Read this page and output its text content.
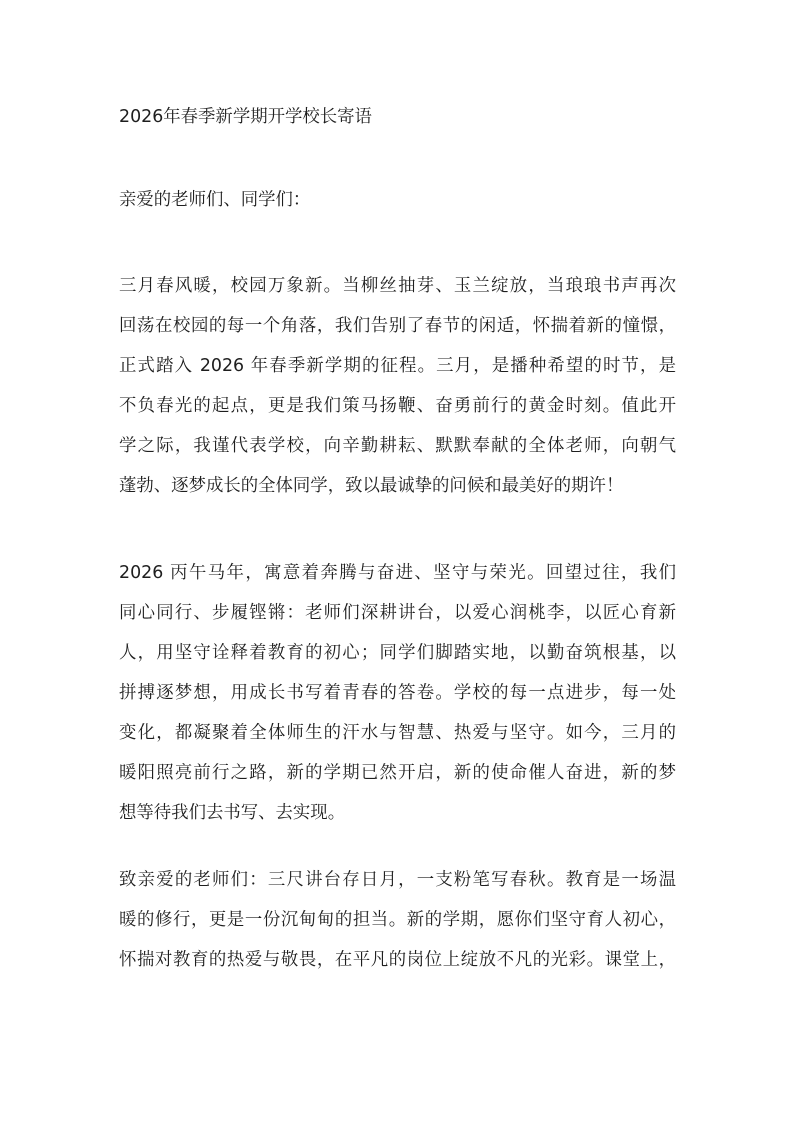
2026年春季新学期开学校长寄语
亲爱的老师们、同学们：
三月春风暖，校园万象新。当柳丝抽芽、玉兰绽放，当琅琅书声再次
回荡在校园的每一个角落，我们告别了春节的闲适，怀揣着新的憧憬，
正式踏入 2026 年春季新学期的征程。三月，是播种希望的时节，是
不负春光的起点，更是我们策马扬鞭、奋勇前行的黄金时刻。值此开
学之际，我谨代表学校，向辛勤耕耘、默默奉献的全体老师，向朝气
蓬勃、逐梦成长的全体同学，致以最诚挚的问候和最美好的期许！
2026 丙午马年，寓意着奔腾与奋进、坚守与荣光。回望过往，我们
同心同行、步履铿锵：老师们深耕讲台，以爱心润桃李，以匠心育新
人，用坚守诠释着教育的初心；同学们脚踏实地，以勤奋筑根基，以
拼搏逐梦想，用成长书写着青春的答卷。学校的每一点进步，每一处
变化，都凝聚着全体师生的汗水与智慧、热爱与坚守。如今，三月的
暖阳照亮前行之路，新的学期已然开启，新的使命催人奋进，新的梦
想等待我们去书写、去实现。
致亲爱的老师们：三尺讲台存日月，一支粉笔写春秋。教育是一场温
暖的修行，更是一份沉甸甸的担当。新的学期，愿你们坚守育人初心，
怀揣对教育的热爱与敬畏，在平凡的岗位上绽放不凡的光彩。课堂上，
